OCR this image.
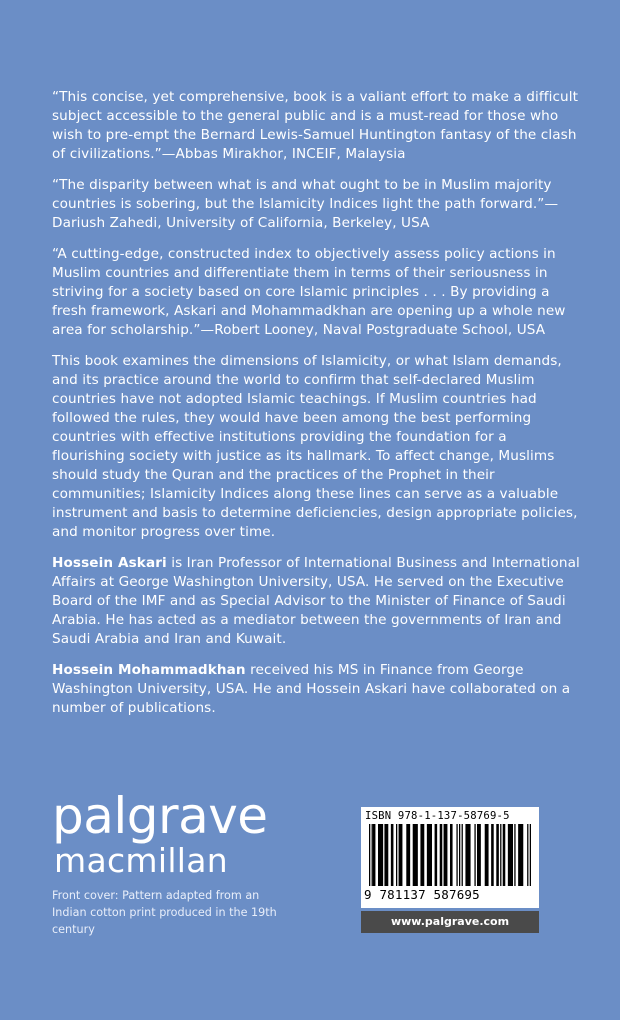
“This concise, yet comprehensive, book is a valiant effort to make a difficult subject accessible to the general public and is a must-read for those who wish to pre-empt the Bernard Lewis-Samuel Huntington fantasy of the clash of civilizations.”—Abbas Mirakhor, INCEIF, Malaysia

“The disparity between what is and what ought to be in Muslim majority countries is sobering, but the Islamicity Indices light the path forward.”—Dariush Zahedi, University of California, Berkeley, USA

“A cutting-edge, constructed index to objectively assess policy actions in Muslim countries and differentiate them in terms of their seriousness in striving for a society based on core Islamic principles . . . By providing a fresh framework, Askari and Mohammadkhan are opening up a whole new area for scholarship.”—Robert Looney, Naval Postgraduate School, USA

This book examines the dimensions of Islamicity, or what Islam demands, and its practice around the world to confirm that self-declared Muslim countries have not adopted Islamic teachings. If Muslim countries had followed the rules, they would have been among the best performing countries with effective institutions providing the foundation for a flourishing society with justice as its hallmark. To affect change, Muslims should study the Quran and the practices of the Prophet in their communities; Islamicity Indices along these lines can serve as a valuable instrument and basis to determine deficiencies, design appropriate policies, and monitor progress over time.

Hossein Askari is Iran Professor of International Business and International Affairs at George Washington University, USA. He served on the Executive Board of the IMF and as Special Advisor to the Minister of Finance of Saudi Arabia. He has acted as a mediator between the governments of Iran and Saudi Arabia and Iran and Kuwait.

Hossein Mohammadkhan received his MS in Finance from George Washington University, USA. He and Hossein Askari have collaborated on a number of publications.

palgrave
macmillan
Front cover: Pattern adapted from an Indian cotton print produced in the 19th century
ISBN 978-1-137-58769-5
9 781137 587695
www.palgrave.com
